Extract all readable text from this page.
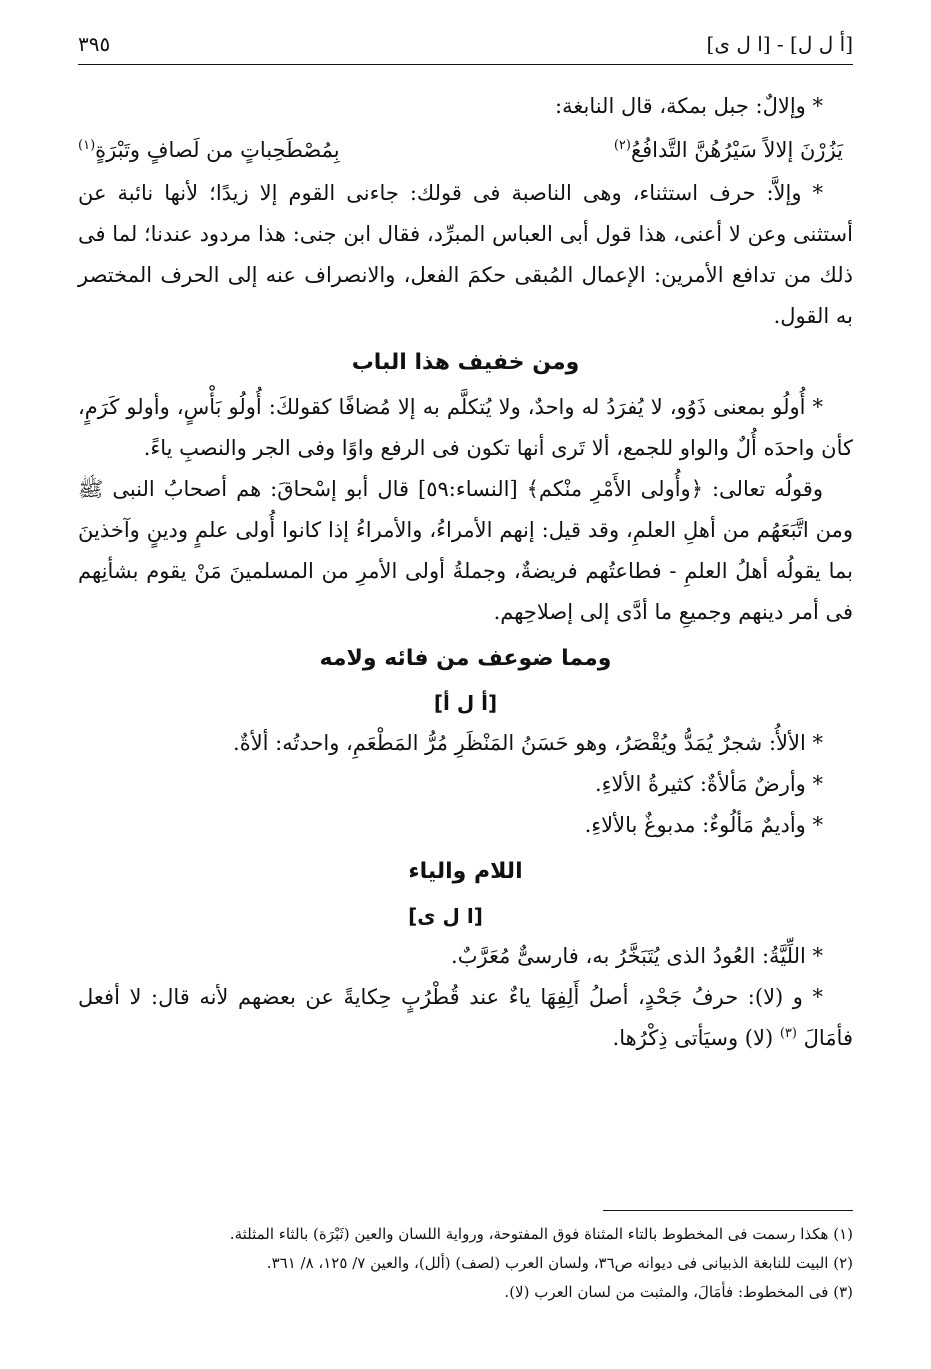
[أ ل ل] - [ا ل ى]
٣٩٥

* وإلالٌ: جبل بمكة، قال النابغة:

يَزُرْنَ إلالاً سَيْرُهُنَّ التَّدافُعُ$^{(٢)}$
بِمُصْطَحِباتٍ من لَصافٍ وتَبْرَةٍ$^{(١)}$

* وإلاَّ: حرف استثناء، وهى الناصبة فى قولك: جاءنى القوم إلا زيدًا؛ لأنها نائبة عن أستثنى وعن لا أعنى، هذا قول أبى العباس المبرِّد، فقال ابن جنى: هذا مردود عندنا؛ لما فى ذلك من تدافع الأمرين: الإعمال المُبقى حكمَ الفعل، والانصراف عنه إلى الحرف المختصر به القول.

ومن خفيف هذا الباب

* أُولُو بمعنى ذَوُو، لا يُفرَدُ له واحدٌ، ولا يُتكلَّم به إلا مُضافًا كقولكَ: أُولُو بَأْسٍ، وأولو كَرَمٍ، كأن واحدَه أُلٌ والواو للجمع، ألا تَرى أنها تكون فى الرفع واوًا وفى الجر والنصبِ ياءً.

وقولُه تعالى: ﴿وأُولى الأَمْرِ منْكم﴾ [النساء:٥٩] قال أبو إسْحاقَ: هم أصحابُ النبى ﷺ ومن اتَّبَعَهُم من أهلِ العلمِ، وقد قيل: إنهم الأمراءُ، والأمراءُ إذا كانوا أُولى علمٍ ودينٍ وآخذينَ بما يقولُه أهلُ العلمِ - فطاعتُهم فريضةٌ، وجملةُ أولى الأمرِ من المسلمينَ مَنْ يقوم بشأنِهم فى أمر دينهم وجميعِ ما أدَّى إلى إصلاحِهم.

ومما ضوعف من فائه ولامه
[أ ل أ]

* الألأُ: شجرٌ يُمَدُّ ويُقْصَرُ، وهو حَسَنُ المَنْظَرِ مُرُّ المَطْعَمِ، واحدتُه: ألأةٌ.

* وأرضٌ مَألأةٌ: كثيرةُ الألاءِ.

* وأديمٌ مَألُوءٌ: مدبوغٌ بالألاءِ.

اللام والياء
[ا ل ى]

* اللِّيَّةُ: العُودُ الذى يُتَبَخَّرُ به، فارسىٌّ مُعَرَّبٌ.

* و (لا): حرفُ جَحْدٍ، أصلُ أَلِفِهَا ياءٌ عند قُطْرُبٍ حِكايةً عن بعضهم لأنه قال: لا أفعل فأمَالَ $^{(٣)}$ (لا) وسيَأتى ذِكْرُها.

(١) هكذا رسمت فى المخطوط بالتاء المثناة فوق المفتوحة، ورواية اللسان والعين (ثَبْرَة) بالثاء المثلثة.

(٢) البيت للنابغة الذبيانى فى ديوانه ص٣٦، ولسان العرب (لصف) (ألل)، والعين ٧/ ١٢٥، ٨/ ٣٦١.

(٣) فى المخطوط: فأمَالَ، والمثبت من لسان العرب (لا).
